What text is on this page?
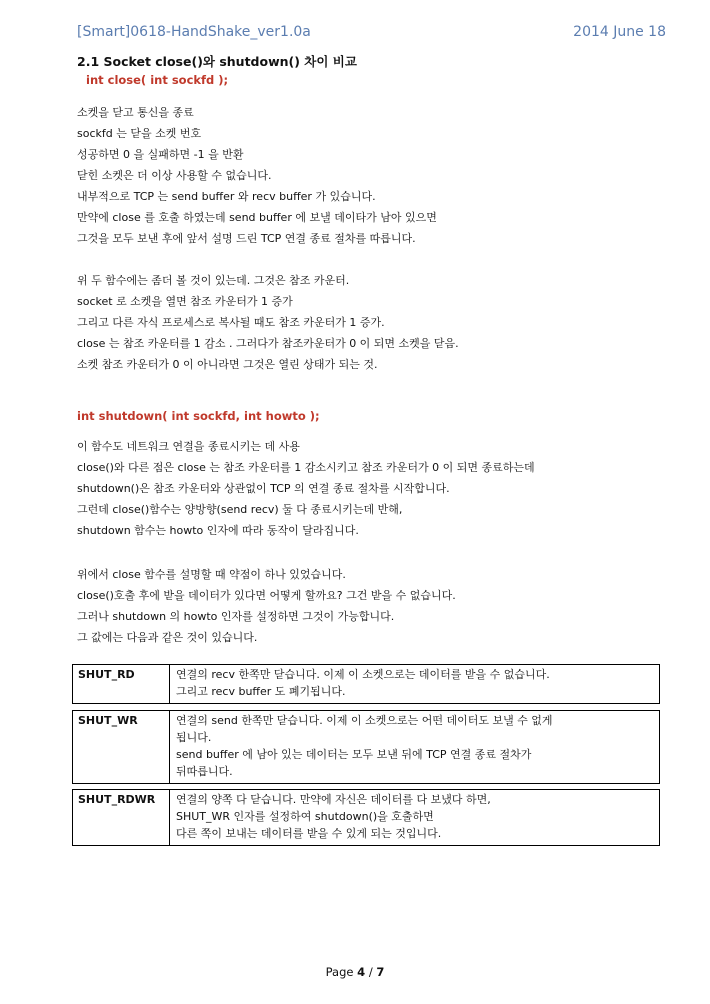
[Smart]0618-HandShake_ver1.0a	2014 June 18
2.1 Socket close()와 shutdown() 차이 비교
int close( int sockfd );

소켓을 닫고 통신을 종료

sockfd 는 닫을 소켓 번호

성공하면 0 을 실패하면 -1 을 반환

닫힌 소켓은 더 이상 사용할 수 없습니다.

내부적으로 TCP 는 send buffer 와 recv buffer 가 있습니다.

만약에 close 를 호출 하였는데 send buffer 에 보낼 데이타가 남아 있으면

그것을 모두 보낸 후에 앞서 설명 드린 TCP 연결 종료 절차를 따릅니다.

위 두 함수에는 좀더 볼 것이 있는데. 그것은 참조 카운터.

socket 로 소켓을 열면 참조 카운터가 1 증가

그리고 다른 자식 프로세스로 복사될 때도 참조 카운터가 1 증가.

close 는 참조 카운터를 1 감소 . 그러다가 참조카운터가 0 이 되면 소켓을 닫음.

소켓 참조 카운터가 0 이 아니라면 그것은 열린 상태가 되는 것.

int shutdown( int sockfd, int howto );

이 함수도 네트워크 연결을 종료시키는 데 사용

close()와 다른 점은 close 는 참조 카운터를 1 감소시키고 참조 카운터가 0 이 되면 종료하는데

shutdown()은 참조 카운터와 상관없이 TCP 의 연결 종료 절차를 시작합니다.

그런데 close()함수는 양방향(send recv) 둘 다 종료시키는데 반해,

shutdown 함수는 howto 인자에 따라 동작이 달라집니다.

위에서 close 함수를 설명할 때 약점이 하나 있었습니다.

close()호출 후에 받을 데이터가 있다면 어떻게 할까요? 그건 받을 수 없습니다.

그러나 shutdown 의 howto 인자를 설정하면 그것이 가능합니다.

그 값에는 다음과 같은 것이 있습니다.

SHUT_RD	연결의 recv 한쪽만 닫습니다. 이제 이 소켓으로는 데이터를 받을 수 없습니다.
그리고 recv buffer 도 폐기됩니다.
SHUT_WR	연결의 send 한쪽만 닫습니다. 이제 이 소켓으로는 어떤 데이터도 보낼 수 없게
됩니다.
send buffer 에 남아 있는 데이터는 모두 보낸 뒤에 TCP 연결 종료 절차가
뒤따릅니다.
SHUT_RDWR	연결의 양쪽 다 닫습니다. 만약에 자신은 데이터를 다 보냈다 하면,
SHUT_WR 인자를 설정하여 shutdown()을 호출하면
다른 쪽이 보내는 데이터를 받을 수 있게 되는 것입니다.
Page 4 / 7
